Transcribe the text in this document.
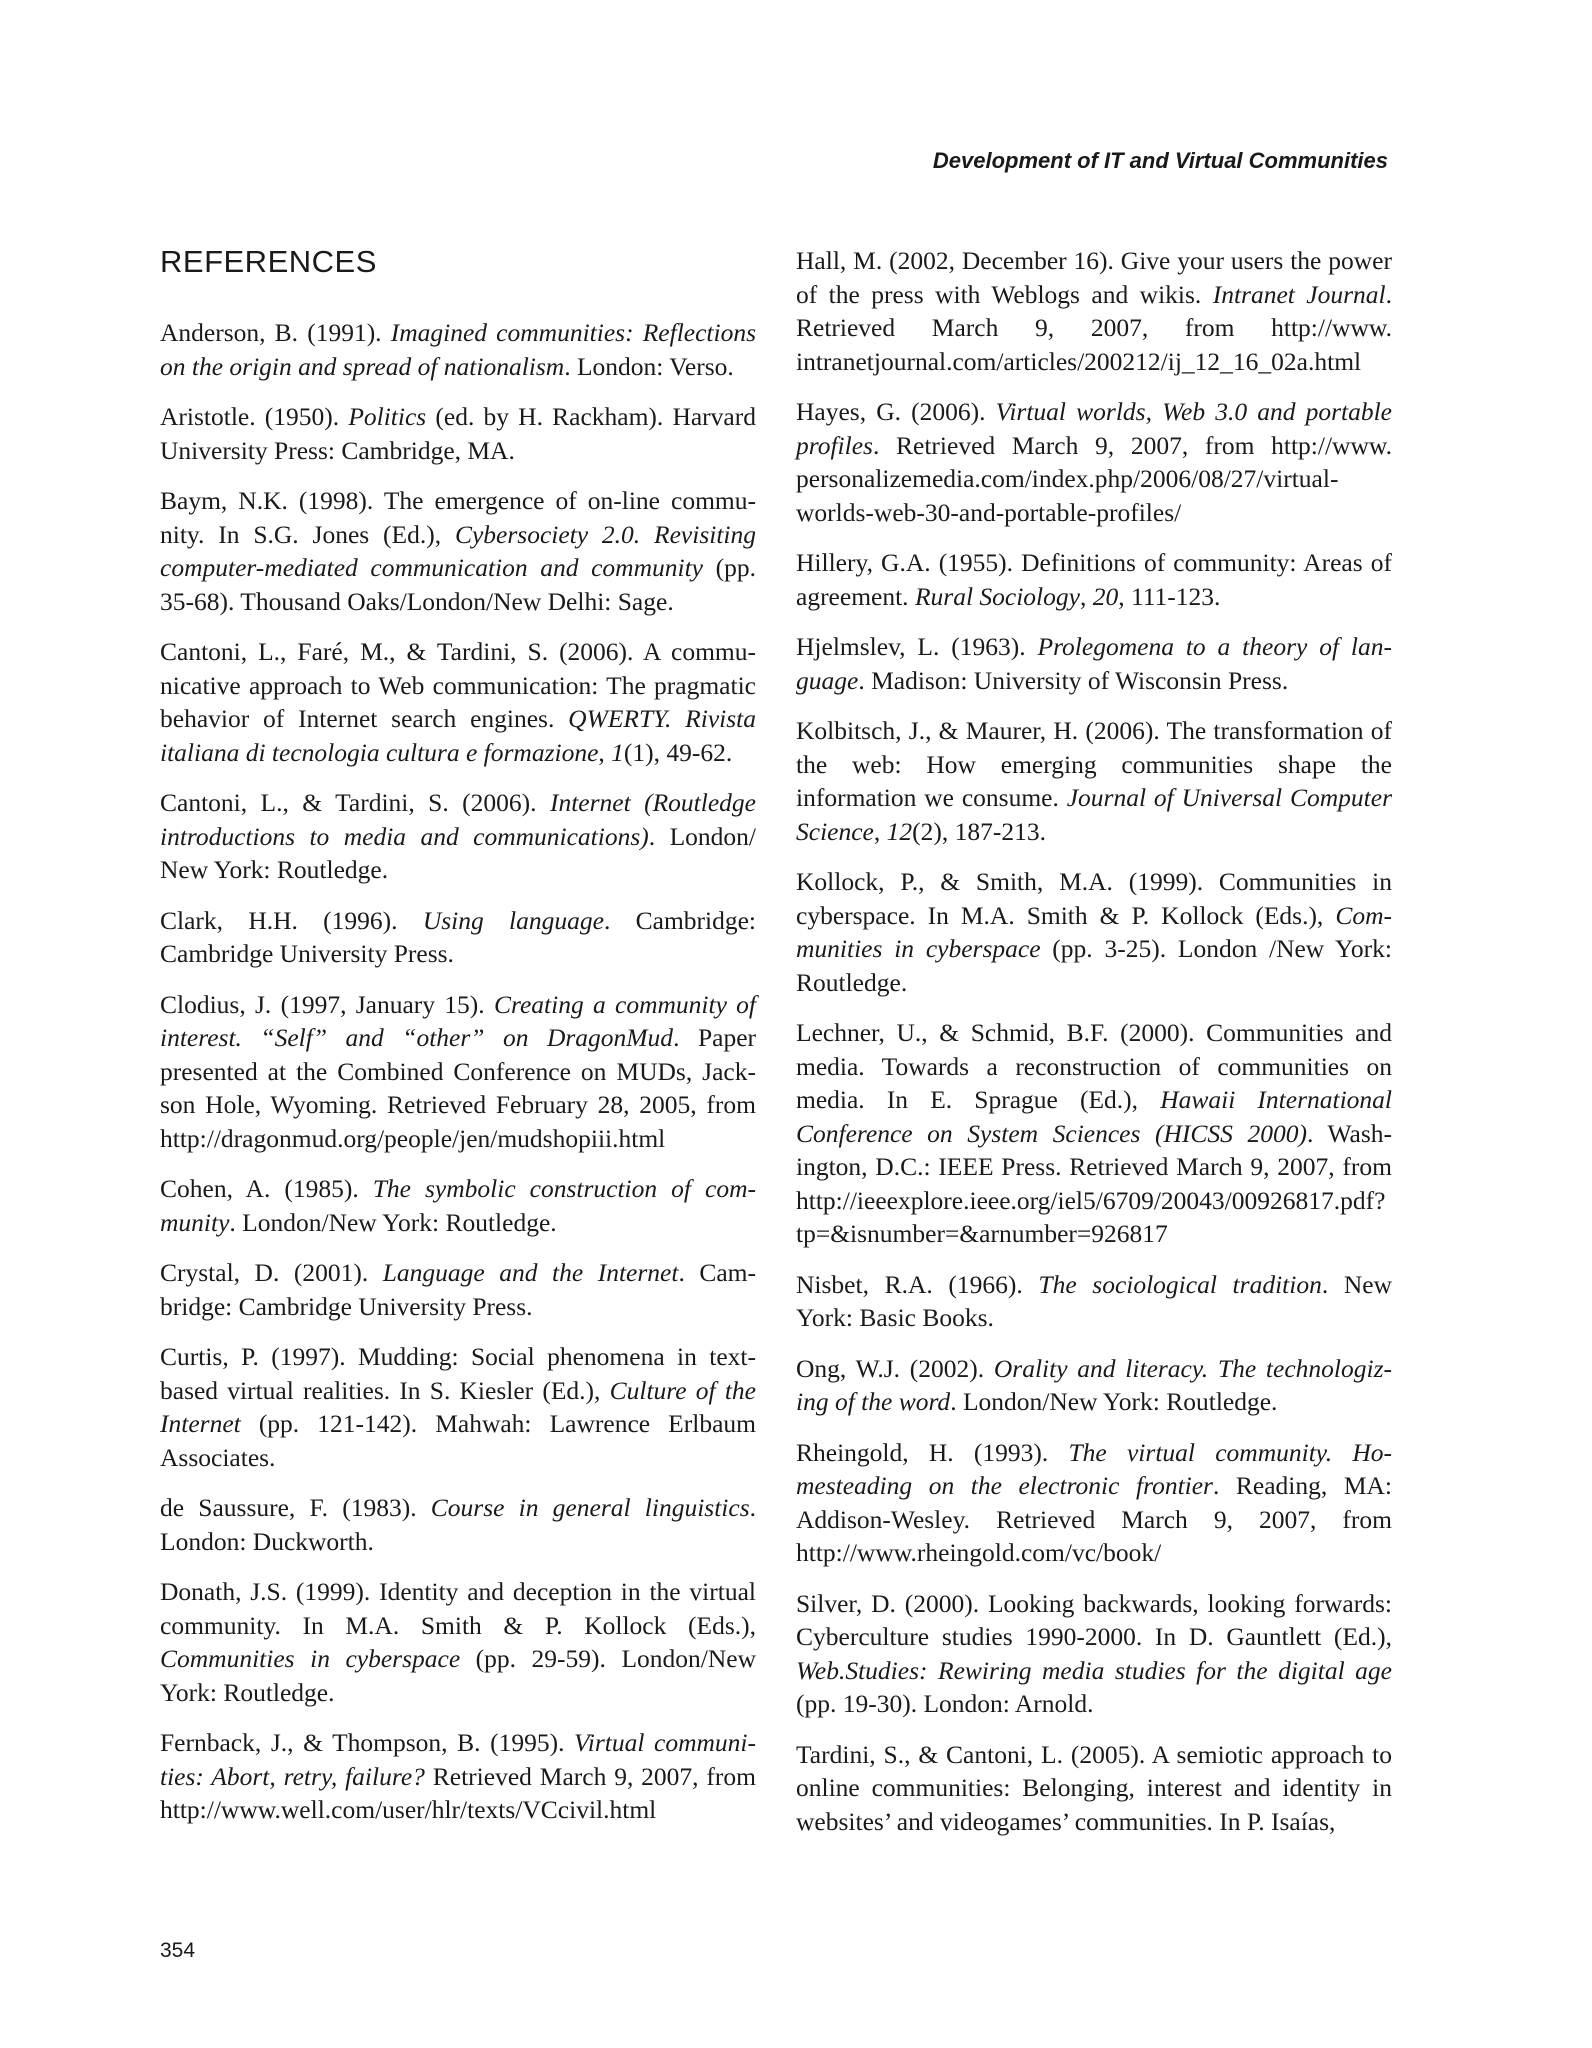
Development of IT and Virtual Communities

REFERENCES

Anderson, B. (1991). Imagined communities: Reflections on the origin and spread of nationalism. London: Verso.

Aristotle. (1950). Politics (ed. by H. Rackham). Harvard University Press: Cambridge, MA.

Baym, N.K. (1998). The emergence of on-line community. In S.G. Jones (Ed.), Cybersociety 2.0. Revisiting computer-mediated communication and community (pp. 35-68). Thousand Oaks/London/New Delhi: Sage.

Cantoni, L., Faré, M., & Tardini, S. (2006). A communicative approach to Web communication: The pragmatic behavior of Internet search engines. QWERTY. Rivista italiana di tecnologia cultura e formazione, 1(1), 49-62.

Cantoni, L., & Tardini, S. (2006). Internet (Routledge introductions to media and communications). London/​New York: Routledge.

Clark, H.H. (1996). Using language. Cambridge: Cambridge University Press.

Clodius, J. (1997, January 15). Creating a community of interest. “Self” and “other” on DragonMud. Paper presented at the Combined Conference on MUDs, Jackson Hole, Wyoming. Retrieved February 28, 2005, from http://dragonmud.org/people/jen/mudshopiii.html

Cohen, A. (1985). The symbolic construction of community. London/New York: Routledge.

Crystal, D. (2001). Language and the Internet. Cambridge: Cambridge University Press.

Curtis, P. (1997). Mudding: Social phenomena in text-based virtual realities. In S. Kiesler (Ed.), Culture of the Internet (pp. 121-142). Mahwah: Lawrence Erlbaum Associates.

de Saussure, F. (1983). Course in general linguistics. London: Duckworth.

Donath, J.S. (1999). Identity and deception in the virtual community. In M.A. Smith & P. Kollock (Eds.), Communities in cyberspace (pp. 29-59). London/New York: Routledge.

Fernback, J., & Thompson, B. (1995). Virtual communities: Abort, retry, failure? Retrieved March 9, 2007, from http://www.well.com/user/hlr/texts/VCcivil.html

Hall, M. (2002, December 16). Give your users the power of the press with Weblogs and wikis. Intranet Journal. Retrieved March 9, 2007, from http://www.​intranetjournal.com/articles/200212/ij_12_16_02a.​html

Hayes, G. (2006). Virtual worlds, Web 3.0 and portable profiles. Retrieved March 9, 2007, from http://www.​personalizemedia.com/index.php/2006/08/27/virtual-worlds-web-30-and-portable-profiles/

Hillery, G.A. (1955). Definitions of community: Areas of agreement. Rural Sociology, 20, 111-123.

Hjelmslev, L. (1963). Prolegomena to a theory of language. Madison: University of Wisconsin Press.

Kolbitsch, J., & Maurer, H. (2006). The transformation of the web: How emerging communities shape the information we consume. Journal of Universal Computer Science, 12(2), 187-213.

Kollock, P., & Smith, M.A. (1999). Communities in cyberspace. In M.A. Smith & P. Kollock (Eds.), Communities in cyberspace (pp. 3-25). London /New York: Routledge.

Lechner, U., & Schmid, B.F. (2000). Communities and media. Towards a reconstruction of communities on media. In E. Sprague (Ed.), Hawaii International Conference on System Sciences (HICSS 2000). Washington, D.C.: IEEE Press. Retrieved March 9, 2007, from http://ieeexplore.ieee.org/iel5/6709/20043/00926817.​pdf?tp=&isnumber=&arnumber=926817

Nisbet, R.A. (1966). The sociological tradition. New York: Basic Books.

Ong, W.J. (2002). Orality and literacy. The technologizing of the word. London/New York: Routledge.

Rheingold, H. (1993). The virtual community. Homesteading on the electronic frontier. Reading, MA: Addison-Wesley. Retrieved March 9, 2007, from http://www.rheingold.com/vc/book/

Silver, D. (2000). Looking backwards, looking forwards: Cyberculture studies 1990-2000. In D. Gauntlett (Ed.), Web.Studies: Rewiring media studies for the digital age (pp. 19-30). London: Arnold.

Tardini, S., & Cantoni, L. (2005). A semiotic approach to online communities: Belonging, interest and identity in websites’ and videogames’ communities. In P. Isaías,

354
